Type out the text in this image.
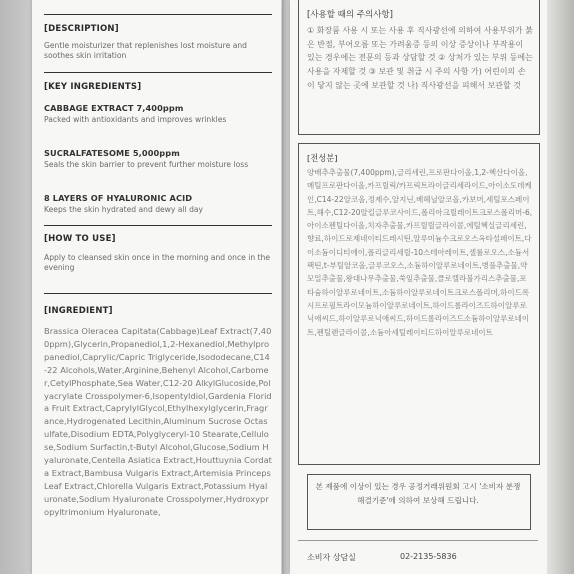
[DESCRIPTION]
Gentle moisturizer that replenishes lost moisture and soothes skin irritation
[KEY INGREDIENTS]
CABBAGE EXTRACT 7,400ppm
Packed with antioxidants and improves wrinkles
SUCRALFATESOME 5,000ppm
Seals the skin barrier to prevent further moisture loss
8 LAYERS OF HYALURONIC ACID
Keeps the skin hydrated and dewy all day
[HOW TO USE]
Apply to cleansed skin once in the morning and once in the evening
[INGREDIENT]
Brassica Oleracea Capitata(Cabbage)Leaf Extract(7,400ppm),Glycerin,Propanediol,1,2-Hexanediol,Methylpropanediol,Caprylic/Capric Triglyceride,Isododecane,C14-22 Alcohols,Water,Arginine,Behenyl Alcohol,Carbomer,CetylPhosphate,Sea Water,C12-20 AlkylGlucoside,Polyacrylate Crosspolymer-6,Isopentyldiol,Gardenia Florida Fruit Extract,CaprylylGlycol,Ethylhexylglycerin,Fragrance,Hydrogenated Lecithin,Aluminum Sucrose Octasulfate,Disodium EDTA,Polyglyceryl-10 Stearate,Cellulose,Sodium Surfactin,t-Butyl Alcohol,Glucose,Sodium Hyaluronate,Centella Asiatica Extract,Houttuynia Cordata Extract,Bambusa Vulgaris Extract,Artemisia Princeps Leaf Extract,Chlorella Vulgaris Extract,Potassium Hyaluronate,Sodium Hyaluronate Crosspolymer,Hydroxypropyltrimonium Hyaluronate,
[사용할 때의 주의사항]
① 화장품 사용 시 또는 사용 후 직사광선에 의하여 사용부위가 붉은 반점, 부어오름 또는 가려움증 등의 이상 증상이나 부작용이 있는 경우에는 전문의 등과 상담할 것 ② 상처가 있는 부위 등에는 사용을 자제할 것 ③ 보관 및 취급 시 주의 사항 가) 어린이의 손이 닿지 않는 곳에 보관할 것 나) 직사광선을 피해서 보관할 것
[전성분]
양배추추출물(7,400ppm),글리세린,프로판다이올,1,2-헥산다이올,메틸프로판다이올,카프릴릭/카프릭트라이글리세라이드,아이소도데케인,C14-22알코올,정제수,알지닌,베헤닐알코올,카보머,세틸포스페이트,해수,C12-20알킬글루코사이드,폴리아크릴레이트크로스폴리머-6,아이소펜틸다이올,치자추출물,카프릴릴글라이콜,에틸헥실글리세린,향료,하이드로제네이티드레시틴,알루미늄수크로오스옥타설페이트,다이소듐이디티에이,폴리글리세릴-10스테아레이트,셀룰로오스,소듐서팩틴,t-부틸알코올,글루코오스,소듐하이알루로네이트,병풀추출물,약모밀추출물,왕대나무추출물,쑥잎추출물,클로렐라불가리스추출물,포타슘하이알루로네이트,소듐하이알루로네이트크로스폴리머,하이드록시프로필트라이모늄하이알루로네이트,하이드롤라이즈드하이알루로닉애씨드,하이알루로닉애씨드,하이드롤라이즈드소듐하이알루로네이트,펜틸렌글라이콜,소듐아세틸레이티드하이알루로네이트
본 제품에 이상이 있는 경우 공정거래위원회 고시 '소비자 분쟁 해결기준'에 의하여 보상해 드립니다.
소비자 상담실	02-2135-5836
